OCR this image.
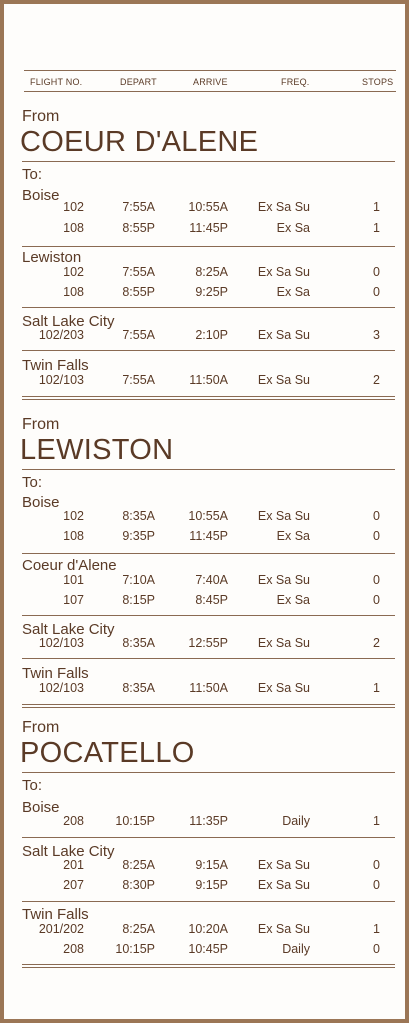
FLIGHT NO.	DEPART	ARRIVE	FREQ.	STOPS
From
COEUR D'ALENE
To:
Boise
102	7:55A	10:55A	Ex Sa Su	1
108	8:55P	11:45P	Ex Sa	1
Lewiston
102	7:55A	8:25A	Ex Sa Su	0
108	8:55P	9:25P	Ex Sa	0
Salt Lake City
102/203	7:55A	2:10P	Ex Sa Su	3
Twin Falls
102/103	7:55A	11:50A	Ex Sa Su	2
From
LEWISTON
To:
Boise
102	8:35A	10:55A	Ex Sa Su	0
108	9:35P	11:45P	Ex Sa	0
Coeur d'Alene
101	7:10A	7:40A	Ex Sa Su	0
107	8:15P	8:45P	Ex Sa	0
Salt Lake City
102/103	8:35A	12:55P	Ex Sa Su	2
Twin Falls
102/103	8:35A	11:50A	Ex Sa Su	1
From
POCATELLO
To:
Boise
208	10:15P	11:35P	Daily	1
Salt Lake City
201	8:25A	9:15A	Ex Sa Su	0
207	8:30P	9:15P	Ex Sa Su	0
Twin Falls
201/202	8:25A	10:20A	Ex Sa Su	1
208	10:15P	10:45P	Daily	0
